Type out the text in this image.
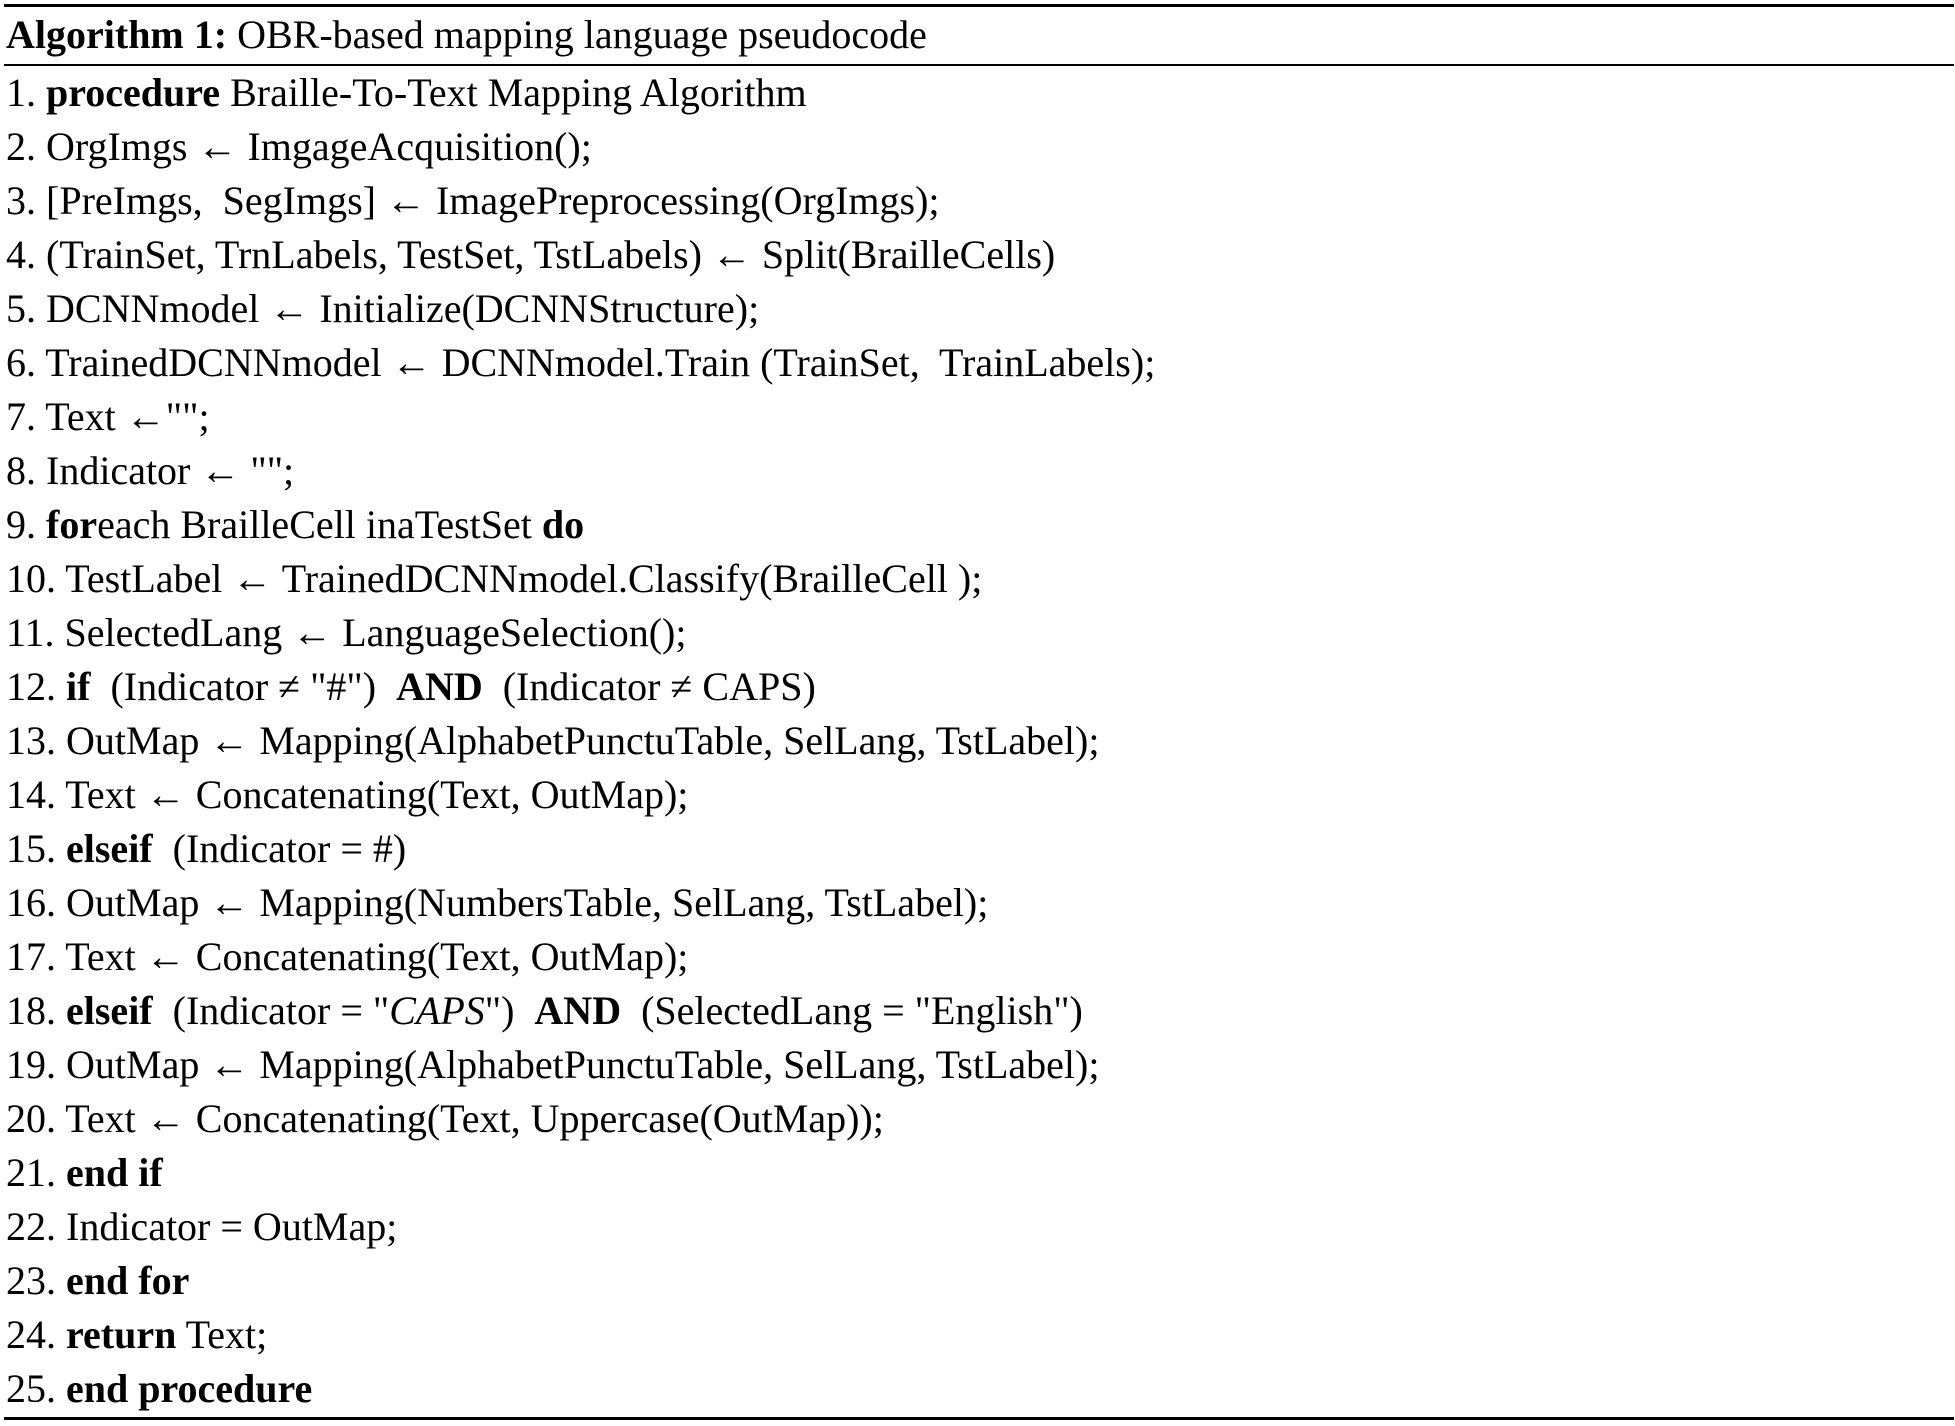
Algorithm 1: OBR-based mapping language pseudocode
1. procedure Braille-To-Text Mapping Algorithm
2. OrgImgs ← ImgageAcquisition();
3. [PreImgs,  SegImgs] ← ImagePreprocessing(OrgImgs);
4. (TrainSet, TrnLabels, TestSet, TstLabels) ← Split(BrailleCells)
5. DCNNmodel ← Initialize(DCNNStructure);
6. TrainedDCNNmodel ← DCNNmodel.Train (TrainSet,  TrainLabels);
7. Text ←"";
8. Indicator ← "";
9. foreach BrailleCell inaTestSet do
10. TestLabel ← TrainedDCNNmodel.Classify(BrailleCell );
11. SelectedLang ← LanguageSelection();
12. if  (Indicator ≠ "#")  AND  (Indicator ≠ CAPS)
13. OutMap ← Mapping(AlphabetPunctuTable, SelLang, TstLabel);
14. Text ← Concatenating(Text, OutMap);
15. elseif  (Indicator = #)
16. OutMap ← Mapping(NumbersTable, SelLang, TstLabel);
17. Text ← Concatenating(Text, OutMap);
18. elseif  (Indicator = "CAPS")  AND  (SelectedLang = "English")
19. OutMap ← Mapping(AlphabetPunctuTable, SelLang, TstLabel);
20. Text ← Concatenating(Text, Uppercase(OutMap));
21. end if
22. Indicator = OutMap;
23. end for
24. return Text;
25. end procedure
